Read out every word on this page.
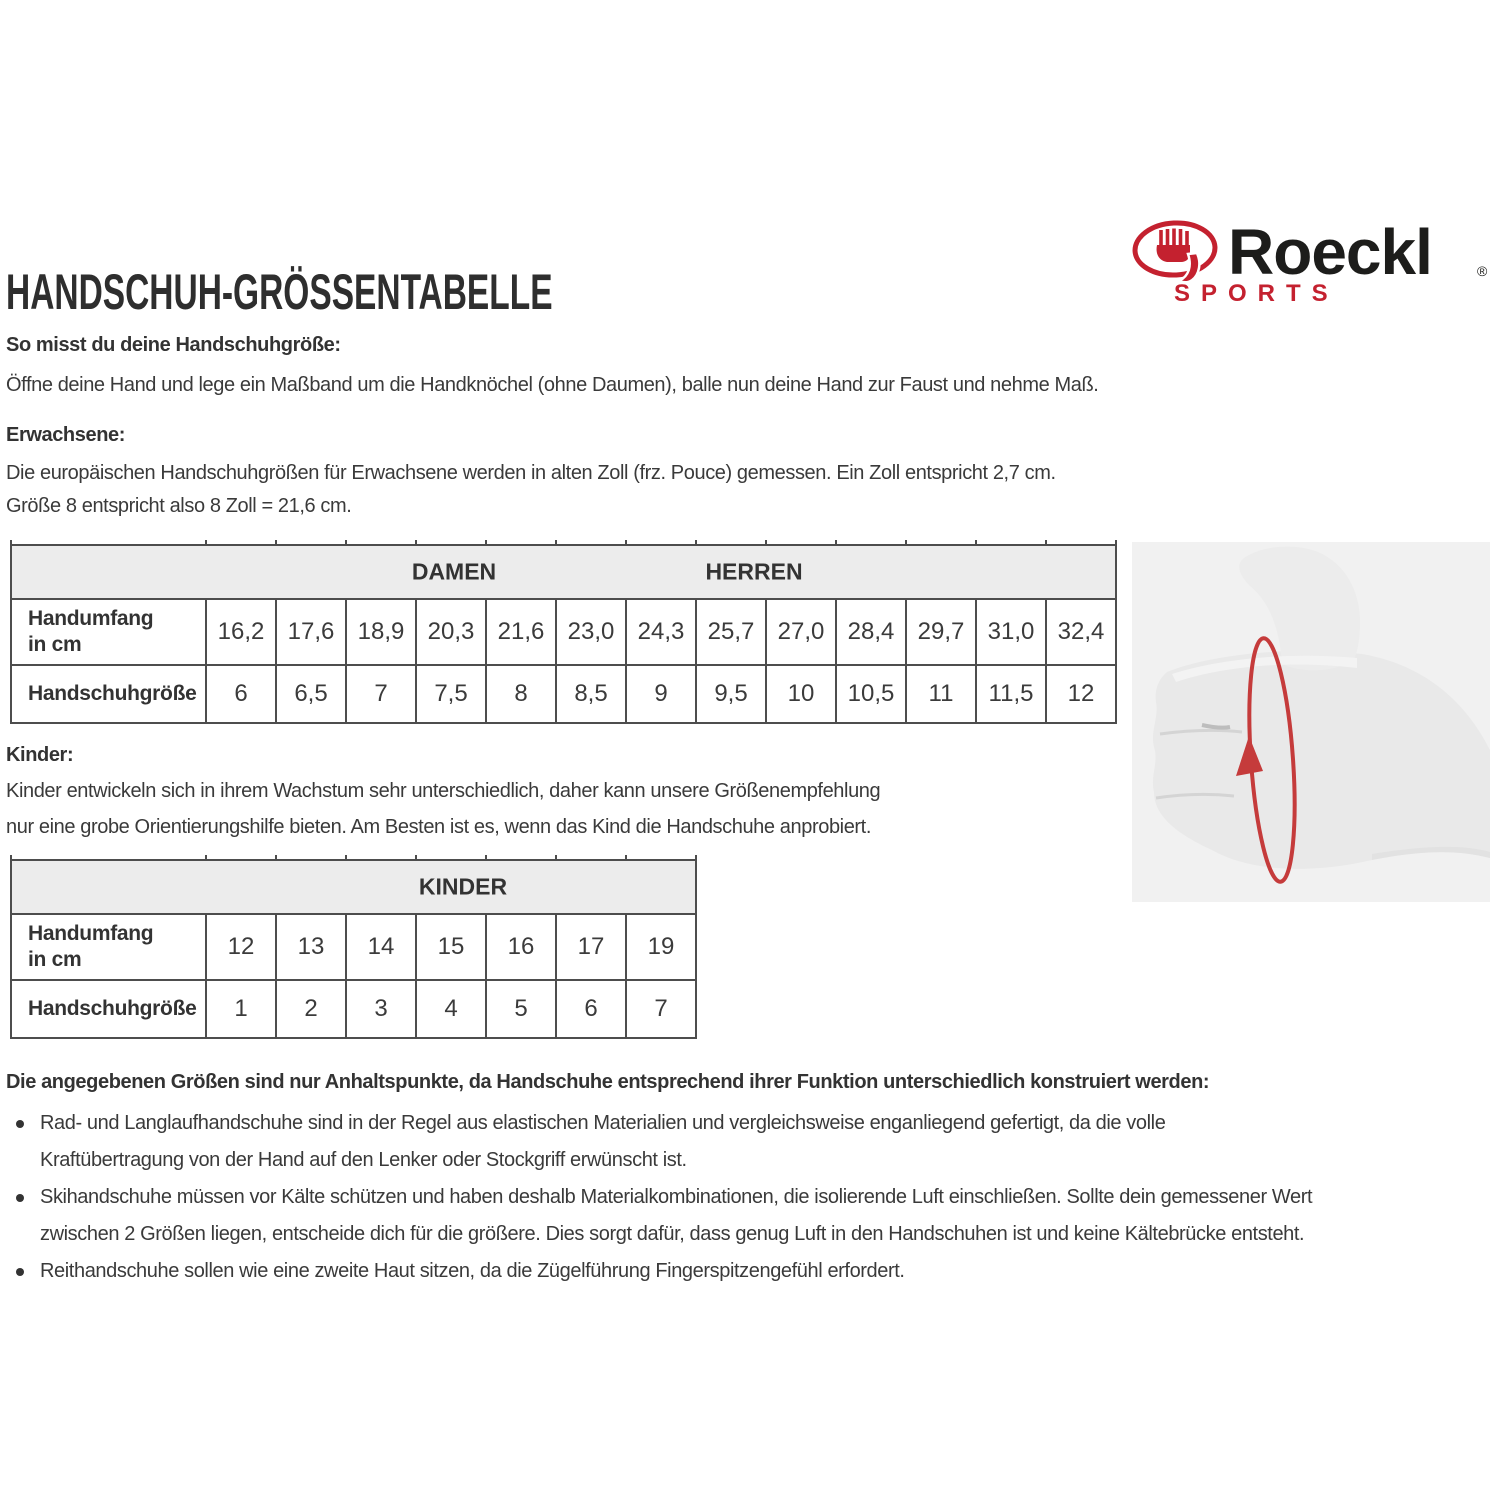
HANDSCHUH-GRÖSSENTABELLE
Roeckl	®
SPORTS
So misst du deine Handschuhgröße:
Öffne deine Hand und lege ein Maßband um die Handknöchel (ohne Daumen), balle nun deine Hand zur Faust und nehme Maß.
Erwachsene:
Die europäischen Handschuhgrößen für Erwachsene werden in alten Zoll (frz. Pouce) gemessen. Ein Zoll entspricht 2,7 cm.
Größe 8 entspricht also 8 Zoll = 21,6 cm.

DAMEN HERREN													

Handumfang
in cm	16,2	17,6	18,9	20,3	21,6	23,0	24,3	25,7	27,0	28,4	29,7	31,0	32,4

Handschuhgröße	6	6,5	7	7,5	8	8,5	9	9,5	10	10,5	11	11,5	12
Kinder:
Kinder entwickeln sich in ihrem Wachstum sehr unterschiedlich, daher kann unsere Größenempfehlung
nur eine grobe Orientierungshilfe bieten. Am Besten ist es, wenn das Kind die Handschuhe anprobiert.

KINDER							

Handumfang
in cm	12	13	14	15	16	17	19

Handschuhgröße	1	2	3	4	5	6	7
Die angegebenen Größen sind nur Anhaltspunkte, da Handschuhe entsprechend ihrer Funktion unterschiedlich konstruiert werden:
Rad- und Langlaufhandschuhe sind in der Regel aus elastischen Materialien und vergleichsweise enganliegend gefertigt, da die volle
Kraftübertragung von der Hand auf den Lenker oder Stockgriff erwünscht ist.
Skihandschuhe müssen vor Kälte schützen und haben deshalb Materialkombinationen, die isolierende Luft einschließen. Sollte dein gemessener Wert
zwischen 2 Größen liegen, entscheide dich für die größere. Dies sorgt dafür, dass genug Luft in den Handschuhen ist und keine Kältebrücke entsteht.
Reithandschuhe sollen wie eine zweite Haut sitzen, da die Zügelführung Fingerspitzengefühl erfordert.
